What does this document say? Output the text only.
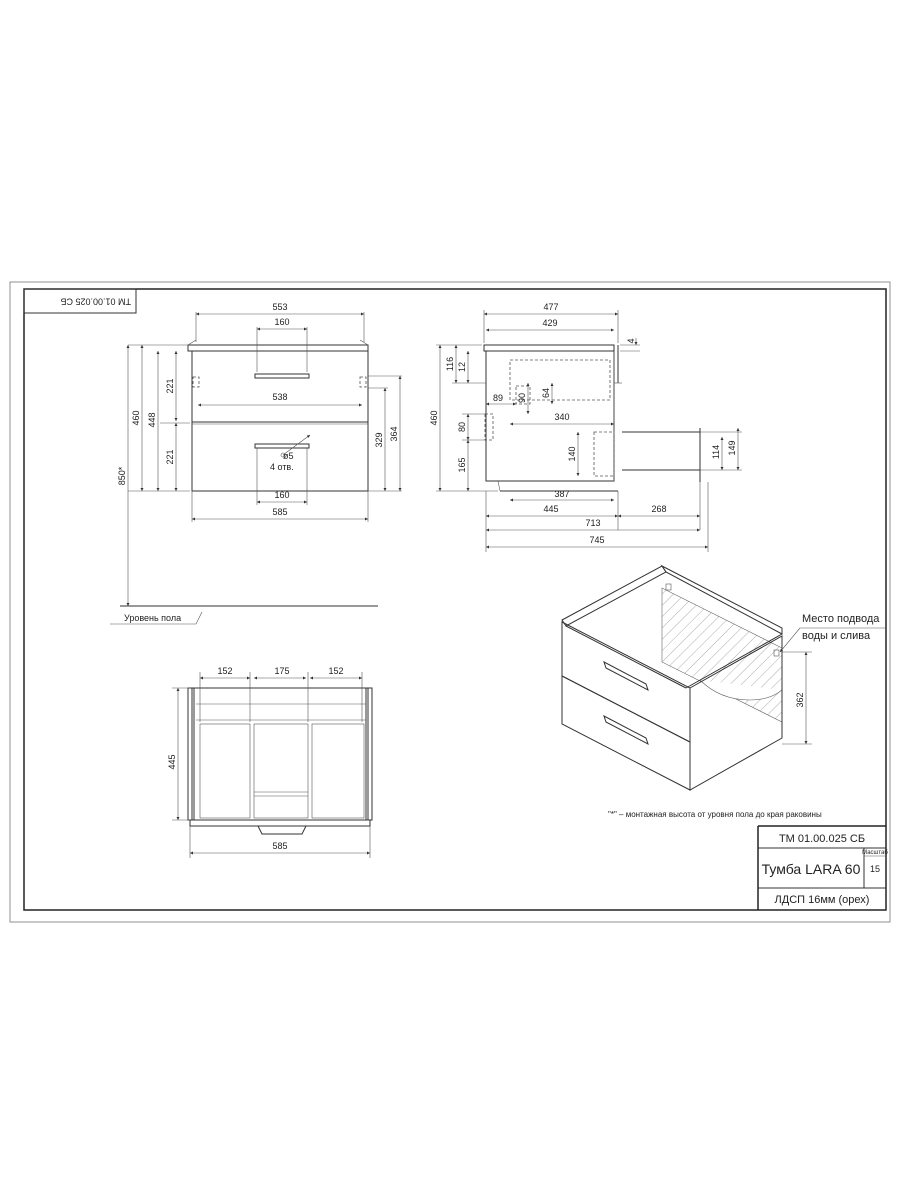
ТМ 01.00.025 СБ
553
160
538
160
585
ø5
4 отв.
460 448
221
221
850*
329 364
Уровень пола
477
429
4
460
116 12
80
165
89 90 64
340
140	114 149
387
445	268
713
745
152	175	152
445
585
362
Место подвода
воды и слива
"*" – монтажная высота от уровня пола до края раковины
ТМ 01.00.025 СБ
Тумба LARA 60
Масштаб
15
ЛДСП 16мм (орех)
